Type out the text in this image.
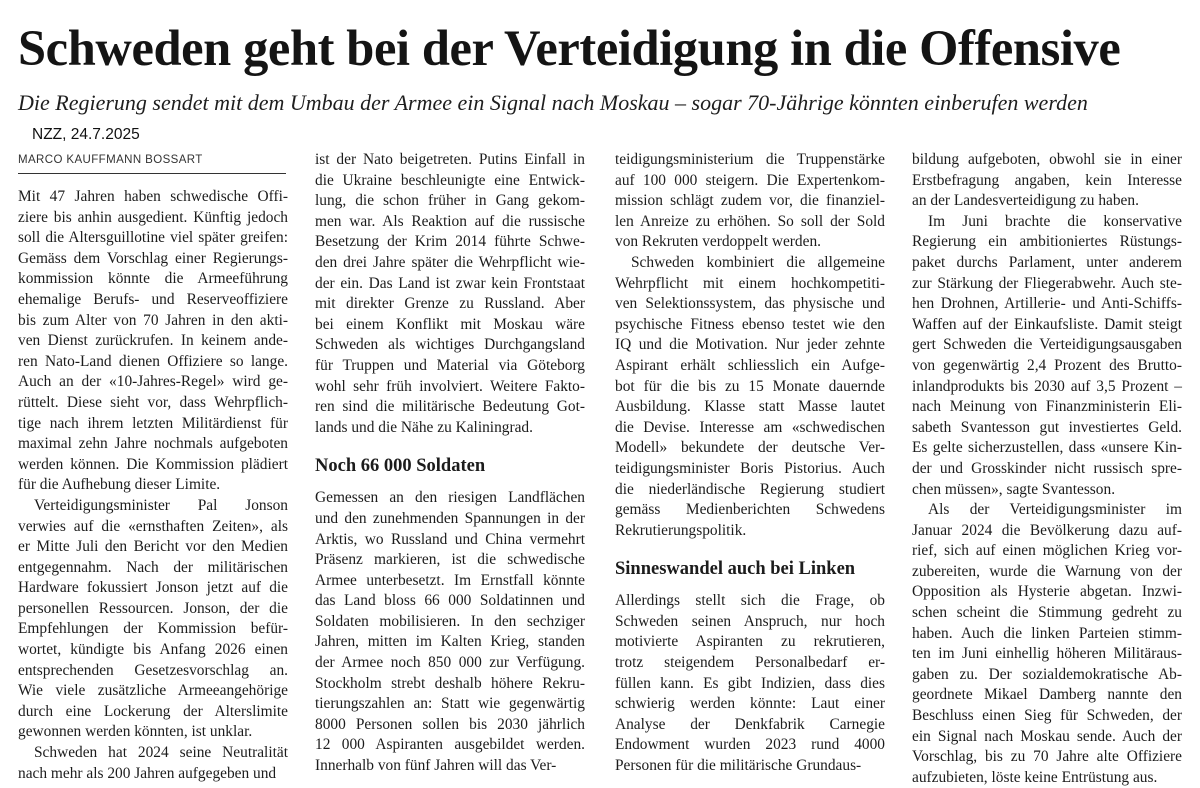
Schweden geht bei der Verteidigung in die Offensive
Die Regierung sendet mit dem Umbau der Armee ein Signal nach Moskau – sogar 70-Jährige könnten einberufen werden
NZZ, 24.7.2025
MARCO KAUFFMANN BOSSART

Mit 47 Jahren haben schwedische Offi-

ziere bis anhin ausgedient. Künftig jedoch

soll die Altersguillotine viel später greifen:

Gemäss dem Vorschlag einer Regierungs-

kommission könnte die Armeeführung

ehemalige Berufs- und Reserveoffiziere

bis zum Alter von 70 Jahren in den akti-

ven Dienst zurückrufen. In keinem ande-

ren Nato-Land dienen Offiziere so lange.

Auch an der «10-Jahres-Regel» wird ge-

rüttelt. Diese sieht vor, dass Wehrpflich-

tige nach ihrem letzten Militärdienst für

maximal zehn Jahre nochmals aufgeboten

werden können. Die Kommission plädiert

für die Aufhebung dieser Limite.

Verteidigungsminister Pal Jonson

verwies auf die «ernsthaften Zeiten», als

er Mitte Juli den Bericht vor den Medien

entgegennahm. Nach der militärischen

Hardware fokussiert Jonson jetzt auf die

personellen Ressourcen. Jonson, der die

Empfehlungen der Kommission befür-

wortet, kündigte bis Anfang 2026 einen

entsprechenden Gesetzesvorschlag an.

Wie viele zusätzliche Armeeangehörige

durch eine Lockerung der Alterslimite

gewonnen werden könnten, ist unklar.

Schweden hat 2024 seine Neutralität

nach mehr als 200 Jahren aufgegeben und

ist der Nato beigetreten. Putins Einfall in

die Ukraine beschleunigte eine Entwick-

lung, die schon früher in Gang gekom-

men war. Als Reaktion auf die russische

Besetzung der Krim 2014 führte Schwe-

den drei Jahre später die Wehrpflicht wie-

der ein. Das Land ist zwar kein Frontstaat

mit direkter Grenze zu Russland. Aber

bei einem Konflikt mit Moskau wäre

Schweden als wichtiges Durchgangsland

für Truppen und Material via Göteborg

wohl sehr früh involviert. Weitere Fakto-

ren sind die militärische Bedeutung Got-

lands und die Nähe zu Kaliningrad.

Noch 66 000 Soldaten

Gemessen an den riesigen Landflächen

und den zunehmenden Spannungen in der

Arktis, wo Russland und China vermehrt

Präsenz markieren, ist die schwedische

Armee unterbesetzt. Im Ernstfall könnte

das Land bloss 66 000 Soldatinnen und

Soldaten mobilisieren. In den sechziger

Jahren, mitten im Kalten Krieg, standen

der Armee noch 850 000 zur Verfügung.

Stockholm strebt deshalb höhere Rekru-

tierungszahlen an: Statt wie gegenwärtig

8000 Personen sollen bis 2030 jährlich

12 000 Aspiranten ausgebildet werden.

Innerhalb von fünf Jahren will das Ver-

teidigungsministerium die Truppenstärke

auf 100 000 steigern. Die Expertenkom-

mission schlägt zudem vor, die finanziel-

len Anreize zu erhöhen. So soll der Sold

von Rekruten verdoppelt werden.

Schweden kombiniert die allgemeine

Wehrpflicht mit einem hochkompetiti-

ven Selektionssystem, das physische und

psychische Fitness ebenso testet wie den

IQ und die Motivation. Nur jeder zehnte

Aspirant erhält schliesslich ein Aufge-

bot für die bis zu 15 Monate dauernde

Ausbildung. Klasse statt Masse lautet

die Devise. Interesse am «schwedischen

Modell» bekundete der deutsche Ver-

teidigungsminister Boris Pistorius. Auch

die niederländische Regierung studiert

gemäss Medienberichten Schwedens

Rekrutierungspolitik.

Sinneswandel auch bei Linken

Allerdings stellt sich die Frage, ob

Schweden seinen Anspruch, nur hoch

motivierte Aspiranten zu rekrutieren,

trotz steigendem Personalbedarf er-

füllen kann. Es gibt Indizien, dass dies

schwierig werden könnte: Laut einer

Analyse der Denkfabrik Carnegie

Endowment wurden 2023 rund 4000

Personen für die militärische Grundaus-

bildung aufgeboten, obwohl sie in einer

Erstbefragung angaben, kein Interesse

an der Landesverteidigung zu haben.

Im Juni brachte die konservative

Regierung ein ambitioniertes Rüstungs-

paket durchs Parlament, unter anderem

zur Stärkung der Fliegerabwehr. Auch ste-

hen Drohnen, Artillerie- und Anti-Schiffs-

Waffen auf der Einkaufsliste. Damit steigt

gert Schweden die Verteidigungsausgaben

von gegenwärtig 2,4 Prozent des Brutto-

inlandprodukts bis 2030 auf 3,5 Prozent –

nach Meinung von Finanzministerin Eli-

sabeth Svantesson gut investiertes Geld.

Es gelte sicherzustellen, dass «unsere Kin-

der und Grosskinder nicht russisch spre-

chen müssen», sagte Svantesson.

Als der Verteidigungsminister im

Januar 2024 die Bevölkerung dazu auf-

rief, sich auf einen möglichen Krieg vor-

zubereiten, wurde die Warnung von der

Opposition als Hysterie abgetan. Inzwi-

schen scheint die Stimmung gedreht zu

haben. Auch die linken Parteien stimm-

ten im Juni einhellig höheren Militäraus-

gaben zu. Der sozialdemokratische Ab-

geordnete Mikael Damberg nannte den

Beschluss einen Sieg für Schweden, der

ein Signal nach Moskau sende. Auch der

Vorschlag, bis zu 70 Jahre alte Offiziere

aufzubieten, löste keine Entrüstung aus.
